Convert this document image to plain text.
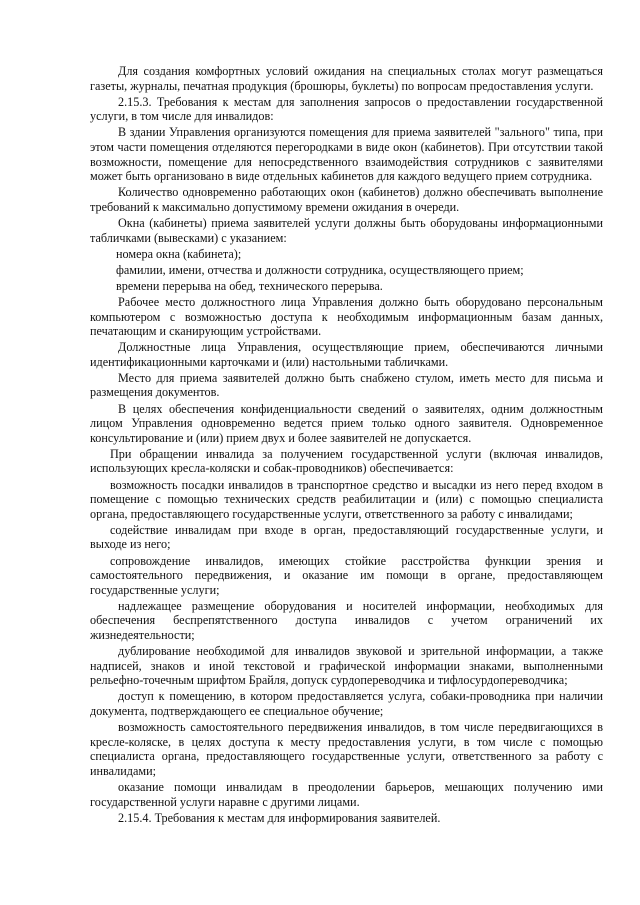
Для создания комфортных условий ожидания на специальных столах могут размещаться газеты, журналы, печатная продукция (брошюры, буклеты) по вопросам предоставления услуги.

2.15.3. Требования к местам для заполнения запросов о предоставлении государственной услуги, в том числе для инвалидов:

В здании Управления организуются помещения для приема заявителей "зального" типа, при этом части помещения отделяются перегородками в виде окон (кабинетов). При отсутствии такой возможности, помещение для непосредственного взаимодействия сотрудников с заявителями может быть организовано в виде отдельных кабинетов для каждого ведущего прием сотрудника.

Количество одновременно работающих окон (кабинетов) должно обеспечивать выполнение требований к максимально допустимому времени ожидания в очереди.

Окна (кабинеты) приема заявителей услуги должны быть оборудованы информационными табличками (вывесками) с указанием:

номера окна (кабинета);

фамилии, имени, отчества и должности сотрудника, осуществляющего прием;

времени перерыва на обед, технического перерыва.

Рабочее место должностного лица Управления должно быть оборудовано персональным компьютером с возможностью доступа к необходимым информационным базам данных, печатающим и сканирующим устройствами.

Должностные лица Управления, осуществляющие прием, обеспечиваются личными идентификационными карточками и (или) настольными табличками.

Место для приема заявителей должно быть снабжено стулом, иметь место для письма и размещения документов.

В целях обеспечения конфиденциальности сведений о заявителях, одним должностным лицом Управления одновременно ведется прием только одного заявителя. Одновременное консультирование и (или) прием двух и более заявителей не допускается.

При обращении инвалида за получением государственной услуги (включая инвалидов, использующих кресла-коляски и собак-проводников) обеспечивается:

возможность посадки инвалидов в транспортное средство и высадки из него перед входом в помещение с помощью технических средств реабилитации и (или) с помощью специалиста органа, предоставляющего государственные услуги, ответственного за работу с инвалидами;

содействие инвалидам при входе в орган, предоставляющий государственные услуги, и выходе из него;

сопровождение инвалидов, имеющих стойкие расстройства функции зрения и самостоятельного передвижения, и оказание им помощи в органе, предоставляющем государственные услуги;

надлежащее размещение оборудования и носителей информации, необходимых для обеспечения беспрепятственного доступа инвалидов с учетом ограничений их жизнедеятельности;

дублирование необходимой для инвалидов звуковой и зрительной информации, а также надписей, знаков и иной текстовой и графической информации знаками, выполненными рельефно-точечным шрифтом Брайля, допуск сурдопереводчика и тифлосурдопереводчика;

доступ к помещению, в котором предоставляется услуга, собаки-проводника при наличии документа, подтверждающего ее специальное обучение;

возможность самостоятельного передвижения инвалидов, в том числе передвигающихся в кресле-коляске, в целях доступа к месту предоставления услуги, в том числе с помощью специалиста органа, предоставляющего государственные услуги, ответственного за работу с инвалидами;

оказание помощи инвалидам в преодолении барьеров, мешающих получению ими государственной услуги наравне с другими лицами.

2.15.4. Требования к местам для информирования заявителей.
